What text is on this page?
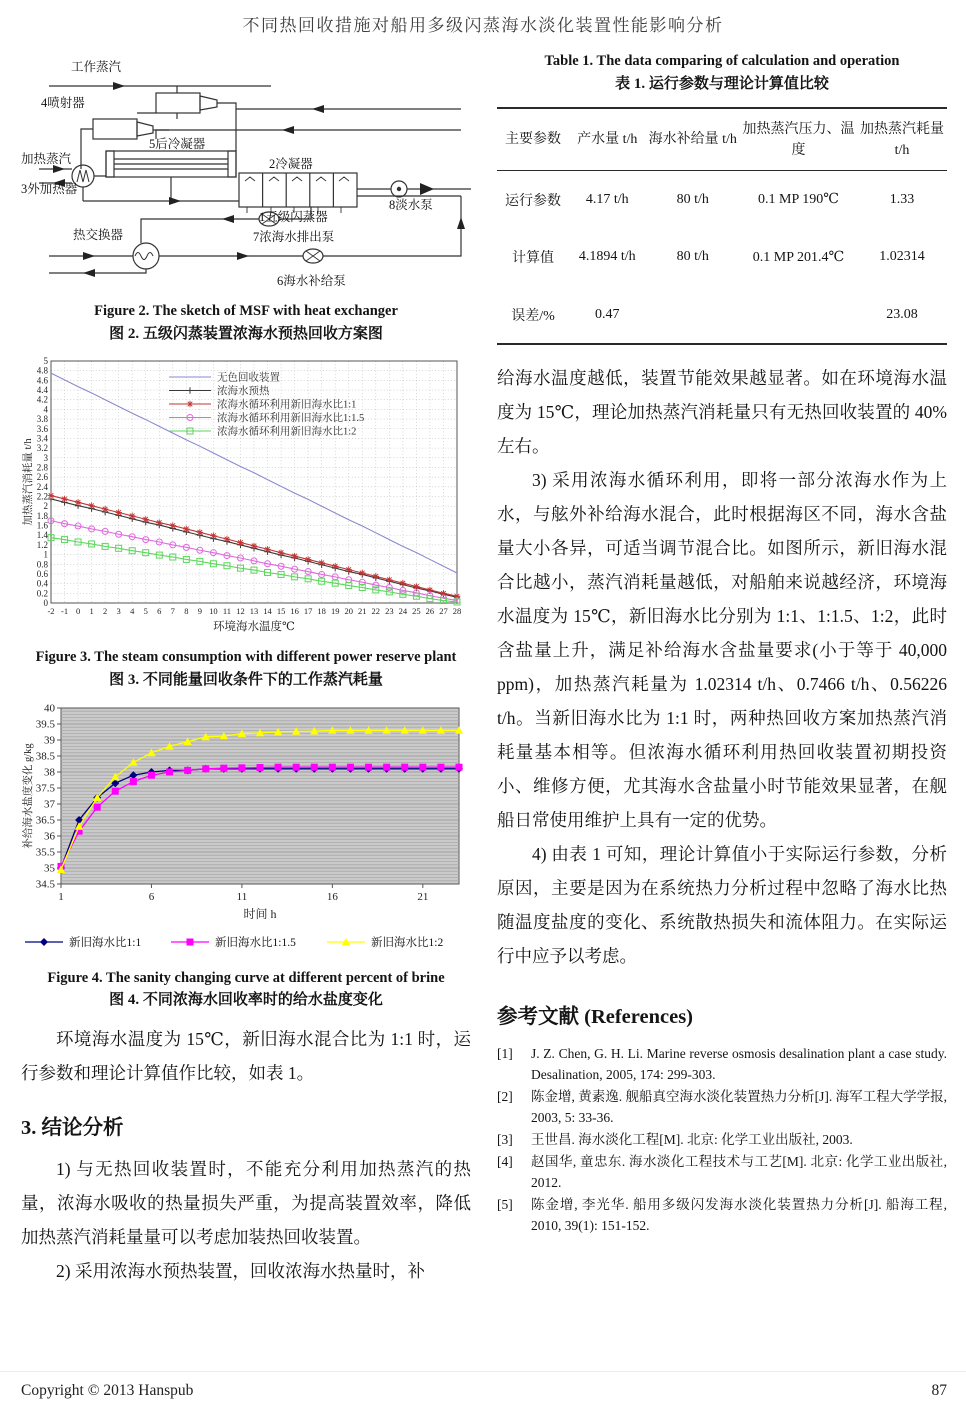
不同热回收措施对船用多级闪蒸海水淡化装置性能影响分析
工作蒸汽
4喷射器
5后冷凝器
加热蒸汽
3外加热器
2冷凝器
1五级闪蒸器
8淡水泵
热交换器	7浓海水排出泵
6海水补给泵
Figure 2. The sketch of MSF with heat exchanger
图 2. 五级闪蒸装置浓海水预热回收方案图
0
0.2
0.4
0.6
0.8
1
1.2
1.4
1.6
1.8
2
2.2
2.4
2.6
2.8
3
3.2
3.4
3.6
3.8
4
4.2
4.4
4.6
4.8
5
-2 -1 0 1 2 3 4 5 6 7 8 9 10 11 12 13 14 15 16 17 18 19 20 21 22 23 24 25 26 27 28
无色回收装置
浓海水预热
浓海水循环利用新旧海水比1:1
浓海水循环利用新旧海水比1:1.5
浓海水循环利用新旧海水比1:2
环境海水温度℃
加热蒸汽消耗量 t/h
Figure 3. The steam consumption with different power reserve plant
图 3. 不同能量回收条件下的工作蒸汽耗量
34.5
35
35.5
36
36.5
37
37.5
38
38.5
39
39.5
40
1	6	11	16	21
时间 h
补给海水盐度变化 g/kg
新旧海水比1:1	新旧海水比1:1.5	新旧海水比1:2
Figure 4. The sanity changing curve at different percent of brine
图 4. 不同浓海水回收率时的给水盐度变化

环境海水温度为 15℃，新旧海水混合比为 1:1 时，运行参数和理论计算值作比较，如表 1。

3. 结论分析

1) 与无热回收装置时，不能充分利用加热蒸汽的热量，浓海水吸收的热量损失严重，为提高装置效率，降低加热蒸汽消耗量量可以考虑加装热回收装置。

2) 采用浓海水预热装置，回收浓海水热量时，补

Table 1. The data comparing of calculation and operation
表 1. 运行参数与理论计算值比较
主要参数	产水量 t/h	海水补给量 t/h	加热蒸汽压力、温度	加热蒸汽耗量 t/h
运行参数	4.17 t/h	80 t/h	0.1 MP 190℃	1.33
计算值	4.1894 t/h	80 t/h	0.1 MP 201.4℃	1.02314
误差/%	0.47			23.08

给海水温度越低，装置节能效果越显著。如在环境海水温度为 15℃，理论加热蒸汽消耗量只有无热回收装置的 40%左右。

3) 采用浓海水循环利用，即将一部分浓海水作为上水，与舷外补给海水混合，此时根据海区不同，海水含盐量大小各异，可适当调节混合比。如图所示，新旧海水混合比越小，蒸汽消耗量越低，对船舶来说越经济，环境海水温度为 15℃，新旧海水比分别为 1:1、1:1.5、1:2，此时含盐量上升，满足补给海水含盐量要求(小于等于 40,000 ppm)，加热蒸汽耗量为 1.02314 t/h、0.7466 t/h、0.56226 t/h。当新旧海水比为 1:1 时，两种热回收方案加热蒸汽消耗量基本相等。但浓海水循环利用热回收装置初期投资小、维修方便，尤其海水含盐量小时节能效果显著，在舰船日常使用维护上具有一定的优势。

4) 由表 1 可知，理论计算值小于实际运行参数，分析原因，主要是因为在系统热力分析过程中忽略了海水比热随温度盐度的变化、系统散热损失和流体阻力。在实际运行中应予以考虑。

参考文献 (References)
[1]	J. Z. Chen, G. H. Li. Marine reverse osmosis desalination plant a case study. Desalination, 2005, 174: 299-303.
[2]	陈金增, 黄素逸. 舰船真空海水淡化装置热力分析[J]. 海军工程大学学报, 2003, 5: 33-36.
[3]	王世昌. 海水淡化工程[M]. 北京: 化学工业出版社, 2003.
[4]	赵国华, 童忠东. 海水淡化工程技术与工艺[M]. 北京: 化学工业出版社, 2012.
[5]	陈金增, 李光华. 船用多级闪发海水淡化装置热力分析[J]. 船海工程, 2010, 39(1): 151-152.
Copyright © 2013 Hanspub	87
